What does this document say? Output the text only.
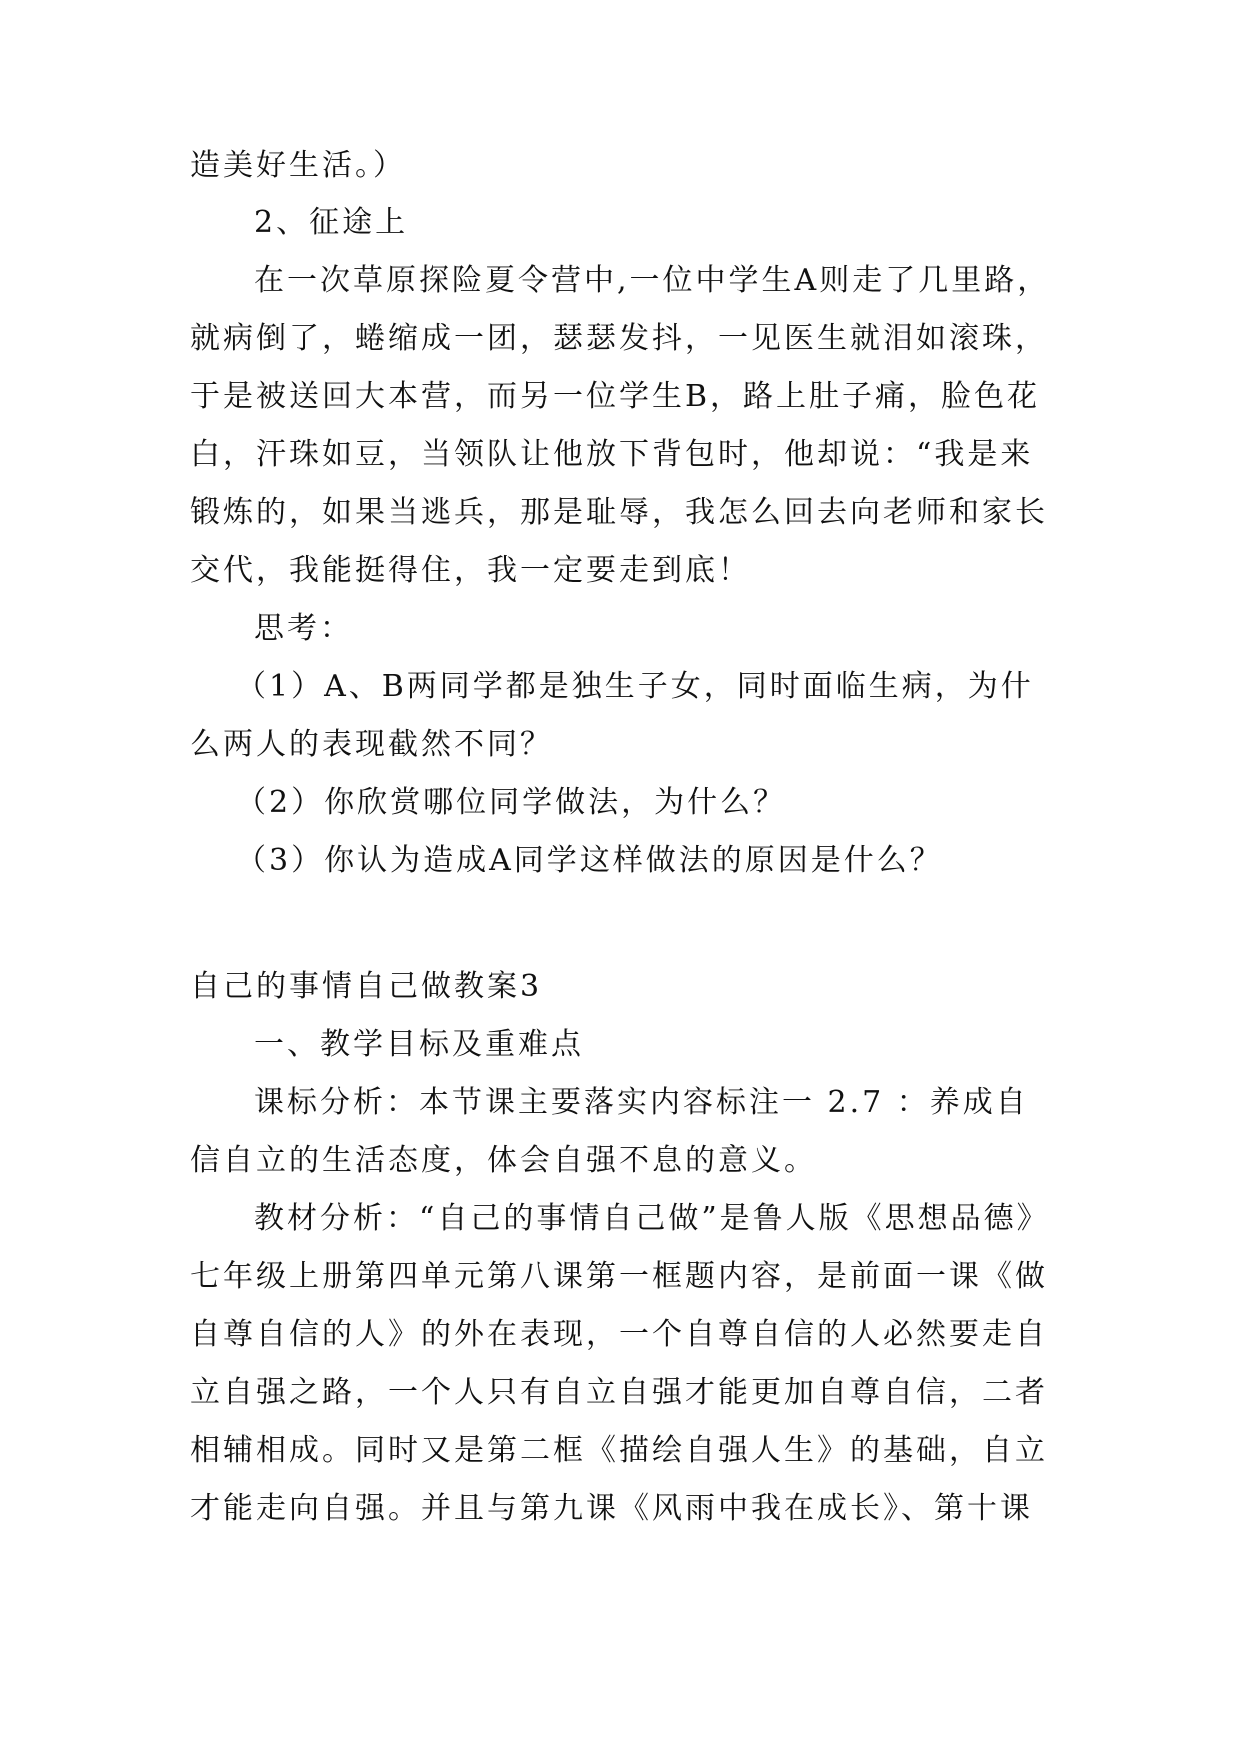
造美好生活。）
2、征途上
在一次草原探险夏令营中,一位中学生A则走了几里路，
就病倒了，蜷缩成一团，瑟瑟发抖，一见医生就泪如滚珠，
于是被送回大本营，而另一位学生B，路上肚子痛，脸色花
白，汗珠如豆，当领队让他放下背包时，他却说：“我是来
锻炼的，如果当逃兵，那是耻辱，我怎么回去向老师和家长
交代，我能挺得住，我一定要走到底！
思考：
（1）A、B两同学都是独生子女，同时面临生病，为什
么两人的表现截然不同？
（2）你欣赏哪位同学做法，为什么？
（3）你认为造成A同学这样做法的原因是什么？
自己的事情自己做教案3
一、教学目标及重难点
课标分析：本节课主要落实内容标注一 2.7 ：养成自
信自立的生活态度，体会自强不息的意义。
教材分析：“自己的事情自己做”是鲁人版《思想品德》
七年级上册第四单元第八课第一框题内容，是前面一课《做
自尊自信的人》的外在表现，一个自尊自信的人必然要走自
立自强之路，一个人只有自立自强才能更加自尊自信，二者
相辅相成。同时又是第二框《描绘自强人生》的基础，自立
才能走向自强。并且与第九课《风雨中我在成长》、第十课
